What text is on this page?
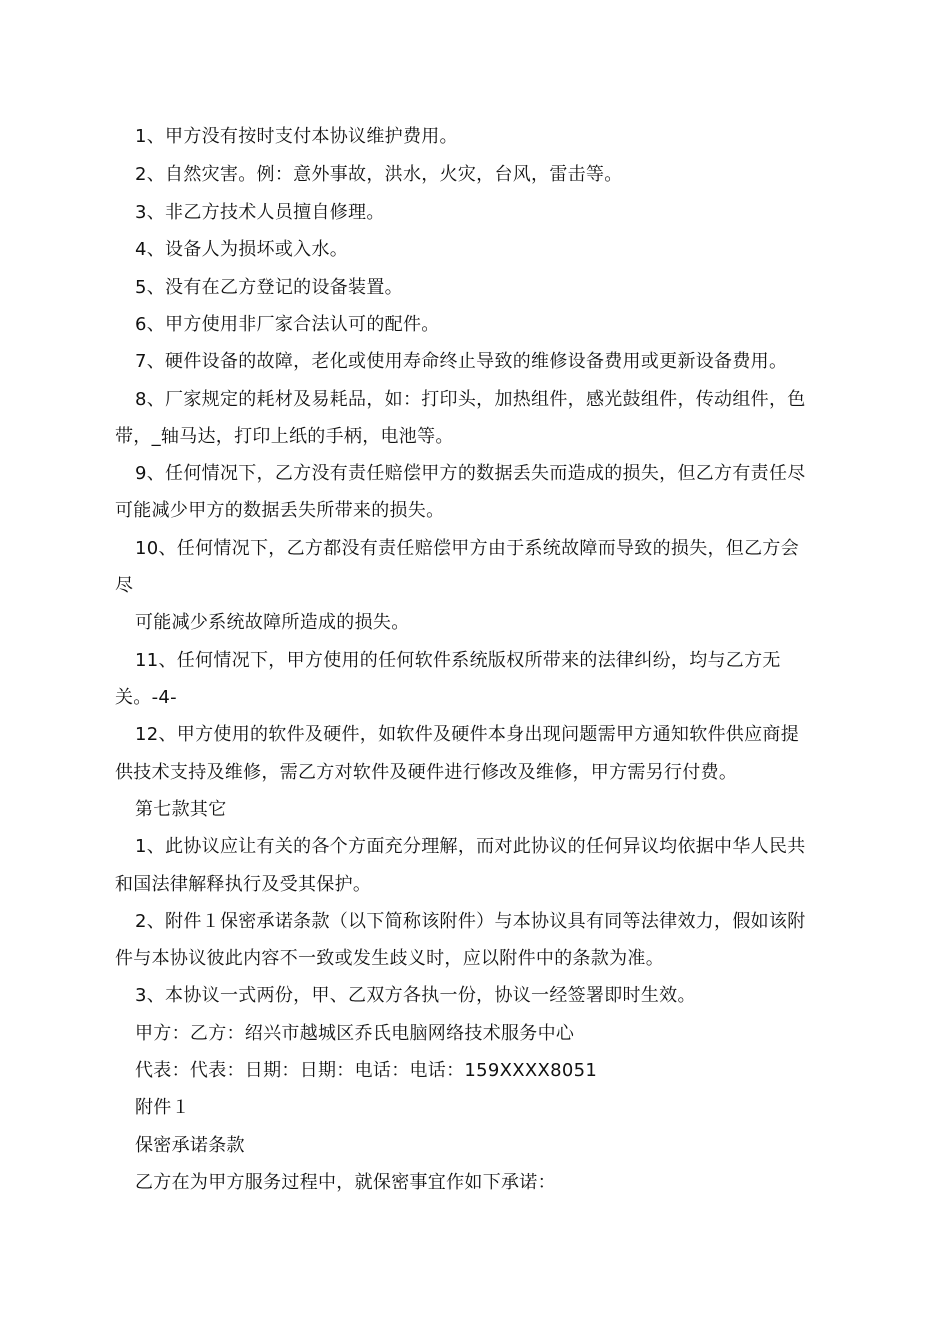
1、甲方没有按时支付本协议维护费用。
2、自然灾害。例：意外事故，洪水，火灾，台风，雷击等。
3、非乙方技术人员擅自修理。
4、设备人为损坏或入水。
5、没有在乙方登记的设备装置。
6、甲方使用非厂家合法认可的配件。
7、硬件设备的故障，老化或使用寿命终止导致的维修设备费用或更新设备费用。
8、厂家规定的耗材及易耗品，如：打印头，加热组件，感光鼓组件，传动组件，色
带，_轴马达，打印上纸的手柄，电池等。
9、任何情况下，乙方没有责任赔偿甲方的数据丢失而造成的损失，但乙方有责任尽
可能减少甲方的数据丢失所带来的损失。
10、任何情况下，乙方都没有责任赔偿甲方由于系统故障而导致的损失，但乙方会
尽
可能减少系统故障所造成的损失。
11、任何情况下，甲方使用的任何软件系统版权所带来的法律纠纷，均与乙方无
关。-4-
12、甲方使用的软件及硬件，如软件及硬件本身出现问题需甲方通知软件供应商提
供技术支持及维修，需乙方对软件及硬件进行修改及维修，甲方需另行付费。
第七款其它
1、此协议应让有关的各个方面充分理解，而对此协议的任何异议均依据中华人民共
和国法律解释执行及受其保护。
2、附件１保密承诺条款（以下简称该附件）与本协议具有同等法律效力，假如该附
件与本协议彼此内容不一致或发生歧义时，应以附件中的条款为准。
3、本协议一式两份，甲、乙双方各执一份，协议一经签署即时生效。
甲方：乙方：绍兴市越城区乔氏电脑网络技术服务中心
代表：代表：日期：日期：电话：电话：159XXXX8051
附件１
保密承诺条款
乙方在为甲方服务过程中，就保密事宜作如下承诺：
